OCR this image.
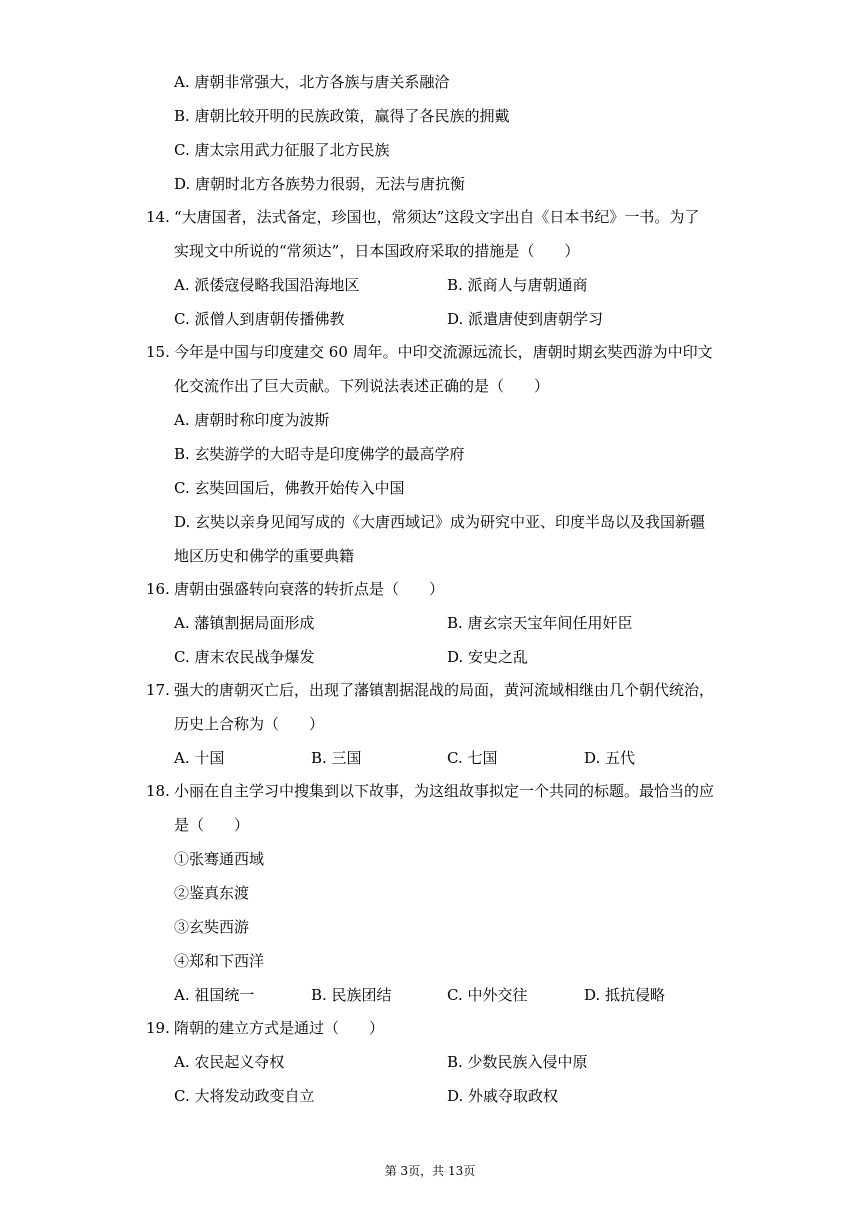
A. 唐朝非常强大，北方各族与唐关系融洽
B. 唐朝比较开明的民族政策，赢得了各民族的拥戴
C. 唐太宗用武力征服了北方民族
D. 唐朝时北方各族势力很弱，无法与唐抗衡
14. “大唐国者，法式备定，珍国也，常须达”这段文字出自《日本书纪》一书。为了
实现文中所说的“常须达”，日本国政府采取的措施是（　　）
A. 派倭寇侵略我国沿海地区	B. 派商人与唐朝通商
C. 派僧人到唐朝传播佛教	D. 派遣唐使到唐朝学习
15. 今年是中国与印度建交 60 周年。中印交流源远流长，唐朝时期玄奘西游为中印文
化交流作出了巨大贡献。下列说法表述正确的是（　　）
A. 唐朝时称印度为波斯
B. 玄奘游学的大昭寺是印度佛学的最高学府
C. 玄奘回国后，佛教开始传入中国
D. 玄奘以亲身见闻写成的《大唐西域记》成为研究中亚、印度半岛以及我国新疆
地区历史和佛学的重要典籍
16. 唐朝由强盛转向衰落的转折点是（　　）
A. 藩镇割据局面形成	B. 唐玄宗天宝年间任用奸臣
C. 唐末农民战争爆发	D. 安史之乱
17. 强大的唐朝灭亡后，出现了藩镇割据混战的局面，黄河流域相继由几个朝代统治，
历史上合称为（　　）
A. 十国	B. 三国	C. 七国	D. 五代
18. 小丽在自主学习中搜集到以下故事，为这组故事拟定一个共同的标题。最恰当的应
是（　　）
①张骞通西域
②鉴真东渡
③玄奘西游
④郑和下西洋
A. 祖国统一	B. 民族团结	C. 中外交往	D. 抵抗侵略
19. 隋朝的建立方式是通过（　　）
A. 农民起义夺权	B. 少数民族入侵中原
C. 大将发动政变自立	D. 外戚夺取政权
第 3页，共 13页
